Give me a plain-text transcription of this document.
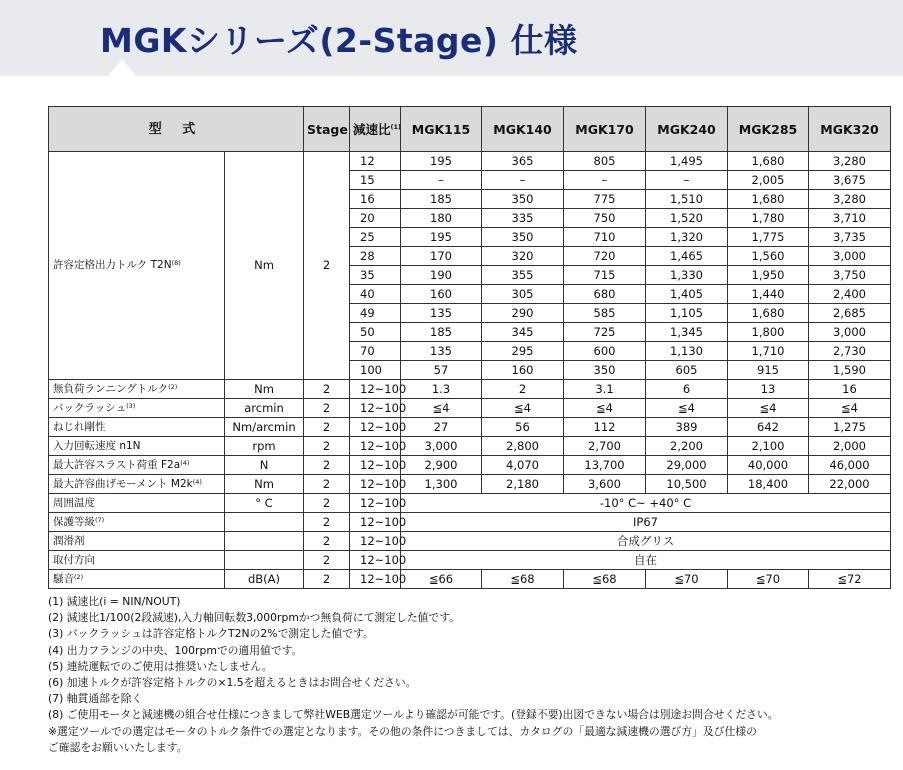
MGKシリーズ(2-Stage) 仕様
型 式		Stage	減速比$^{(1)}$	MGK115	MGK140	MGK170	MGK240	MGK285	MGK320
許容定格出力トルク $T2N^{(8)}$	Nm	2	12	195	365	805	1,495	1,680	3,280
			15	–	–	–	–	2,005	3,675
			16	185	350	775	1,510	1,680	3,280
			20	180	335	750	1,520	1,780	3,710
			25	195	350	710	1,320	1,775	3,735
			28	170	320	720	1,465	1,560	3,000
			35	190	355	715	1,330	1,950	3,750
			40	160	305	680	1,405	1,440	2,400
			49	135	290	585	1,105	1,680	2,685
			50	185	345	725	1,345	1,800	3,000
			70	135	295	600	1,130	1,710	2,730
			100	57	160	350	605	915	1,590
無負荷ランニングトルク$^{(2)}$	Nm	2	12~100	1.3	2	3.1	6	13	16
バックラッシュ$^{(3)}$	arcmin	2	12~100	≦4	≦4	≦4	≦4	≦4	≦4
ねじれ剛性	Nm/arcmin	2	12~100	27	56	112	389	642	1,275
入力回転速度 n1N	rpm	2	12~100	3,000	2,800	2,700	2,200	2,100	2,000
最大許容スラスト荷重 $F2a^{(4)}$	N	2	12~100	2,900	4,070	13,700	29,000	40,000	46,000
最大許容曲げモーメント $M2k^{(4)}$	Nm	2	12~100	1,300	2,180	3,600	10,500	18,400	22,000
周囲温度	° C	2	12~100	-10° C~ +40° C					
保護等級$^{(7)}$		2	12~100	IP67					
潤滑剤		2	12~100	合成グリス					
取付方向		2	12~100	自在					
騒音$^{(2)}$	dB(A)	2	12~100	≦66	≦68	≦68	≦70	≦70	≦72
(1) 減速比(i = NIN/NOUT)
(2) 減速比1/100(2段減速),入力軸回転数3,000rpmかつ無負荷にて測定した値です。
(3) バックラッシュは許容定格トルクT2Nの2%で測定した値です。
(4) 出力フランジの中央、100rpmでの適用値です。
(5) 連続運転でのご使用は推奨いたしません。
(6) 加速トルクが許容定格トルクの×1.5を超えるときはお問合せください。
(7) 軸貫通部を除く
(8) ご使用モータと減速機の組合せ仕様につきまして弊社WEB選定ツールより確認が可能です。(登録不要)出図できない場合は別途お問合せください。
※選定ツールでの選定はモータのトルク条件での選定となります。その他の条件につきましては、カタログの「最適な減速機の選び方」及び仕様の
ご確認をお願いいたします。
